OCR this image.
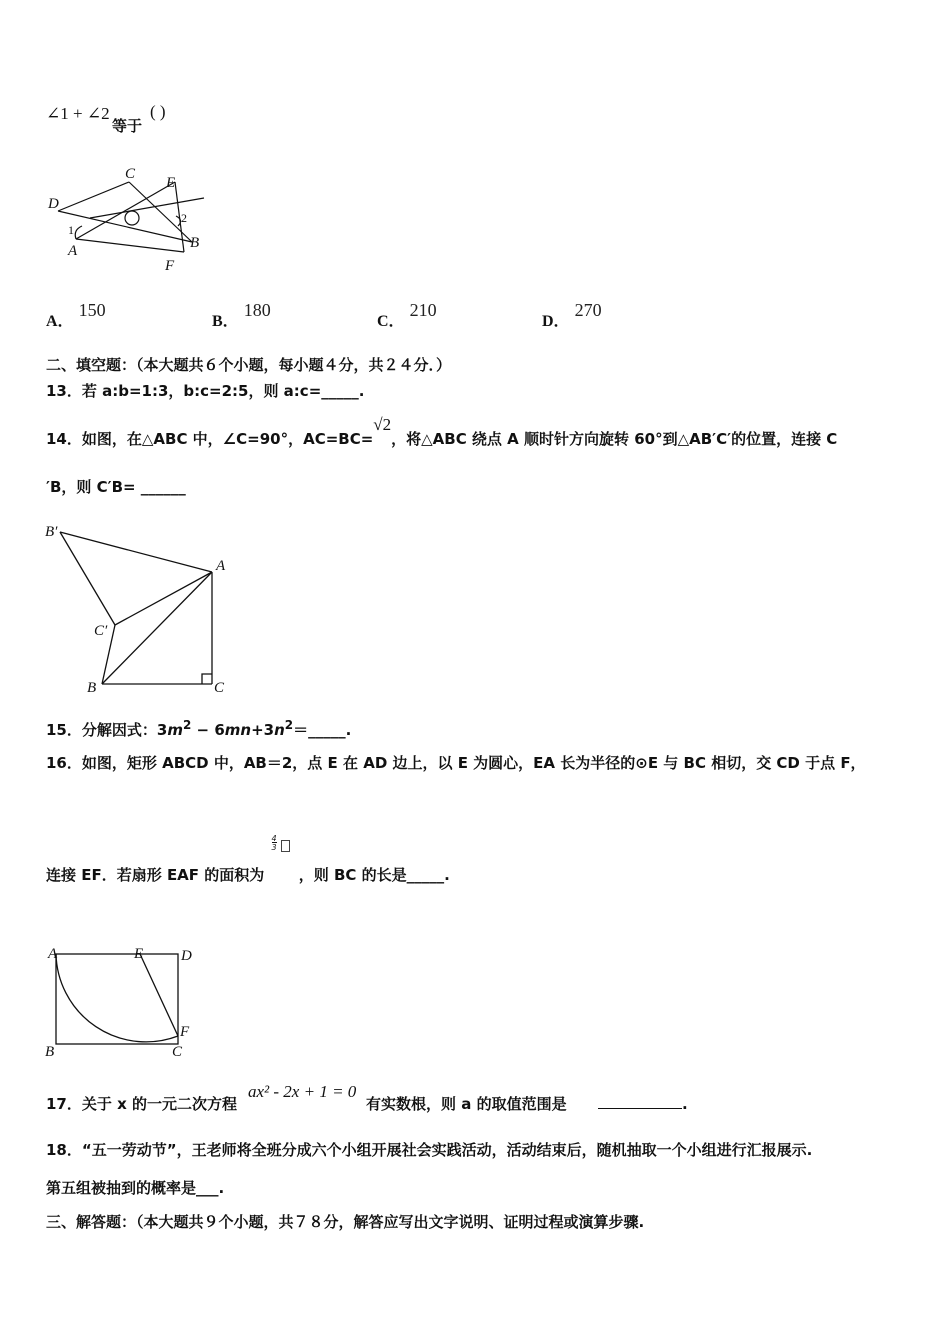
∠1 + ∠2
等于
( )
C
E
D
A
F
B
1
2
A． 150
B． 180
C． 210
D． 270
二、填空题：（本大题共６个小题，每小题４分，共２４分．）
13．若 a:b=1:3，b:c=2:5，则 a:c=_____.
14．如图，在△ABC 中，∠C=90°，AC=BC=√2，将△ABC 绕点 A 顺时针方向旋转 60°到△AB′C′的位置，连接 C
′B，则 C′B= ______
B′
A
C′
B	C
15．分解因式：$3m^2$ − $6mn+3n^2=\_\_\_\_\_$.
16．如图，矩形 ABCD 中，AB＝2，点 E 在 AD 边上，以 E 为圆心，EA 长为半径的⊙E 与 BC 相切，交 CD 于点 F，
连接 EF．若扇形 EAF 的面积为
4
3
，则 BC 的长是_____.
A	E	D
F
B	C
17．关于 x 的一元二次方程
ax² - 2x + 1 = 0
有实数根，则 a 的取值范围是	.
18．“五一劳动节”，王老师将全班分成六个小组开展社会实践活动，活动结束后，随机抽取一个小组进行汇报展示.
第五组被抽到的概率是___.
三、解答题：（本大题共９个小题，共７８分，解答应写出文字说明、证明过程或演算步骤.
